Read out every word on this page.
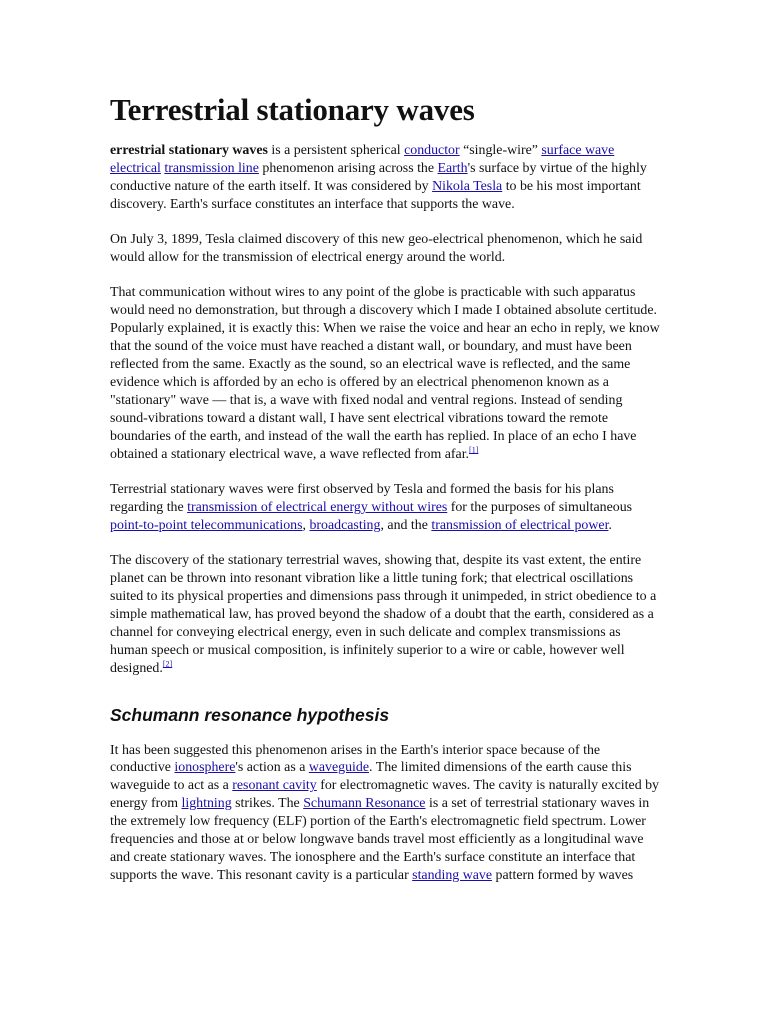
Terrestrial stationary waves

errestrial stationary waves is a persistent spherical conductor “single-wire” surface wave electrical transmission line phenomenon arising across the Earth's surface by virtue of the highly conductive nature of the earth itself. It was considered by Nikola Tesla to be his most important discovery. Earth's surface constitutes an interface that supports the wave.

On July 3, 1899, Tesla claimed discovery of this new geo-electrical phenomenon, which he said would allow for the transmission of electrical energy around the world.

That communication without wires to any point of the globe is practicable with such apparatus would need no demonstration, but through a discovery which I made I obtained absolute certitude. Popularly explained, it is exactly this: When we raise the voice and hear an echo in reply, we know that the sound of the voice must have reached a distant wall, or boundary, and must have been reflected from the same. Exactly as the sound, so an electrical wave is reflected, and the same evidence which is afforded by an echo is offered by an electrical phenomenon known as a "stationary" wave — that is, a wave with fixed nodal and ventral regions. Instead of sending sound-vibrations toward a distant wall, I have sent electrical vibrations toward the remote boundaries of the earth, and instead of the wall the earth has replied. In place of an echo I have obtained a stationary electrical wave, a wave reflected from afar.[1]

Terrestrial stationary waves were first observed by Tesla and formed the basis for his plans regarding the transmission of electrical energy without wires for the purposes of simultaneous point-to-point telecommunications, broadcasting, and the transmission of electrical power.

The discovery of the stationary terrestrial waves, showing that, despite its vast extent, the entire planet can be thrown into resonant vibration like a little tuning fork; that electrical oscillations suited to its physical properties and dimensions pass through it unimpeded, in strict obedience to a simple mathematical law, has proved beyond the shadow of a doubt that the earth, considered as a channel for conveying electrical energy, even in such delicate and complex transmissions as human speech or musical composition, is infinitely superior to a wire or cable, however well designed.[2]

Schumann resonance hypothesis

It has been suggested this phenomenon arises in the Earth's interior space because of the conductive ionosphere's action as a waveguide. The limited dimensions of the earth cause this waveguide to act as a resonant cavity for electromagnetic waves. The cavity is naturally excited by energy from lightning strikes. The Schumann Resonance is a set of terrestrial stationary waves in the extremely low frequency (ELF) portion of the Earth's electromagnetic field spectrum. Lower frequencies and those at or below longwave bands travel most efficiently as a longitudinal wave and create stationary waves. The ionosphere and the Earth's surface constitute an interface that supports the wave. This resonant cavity is a particular standing wave pattern formed by waves
